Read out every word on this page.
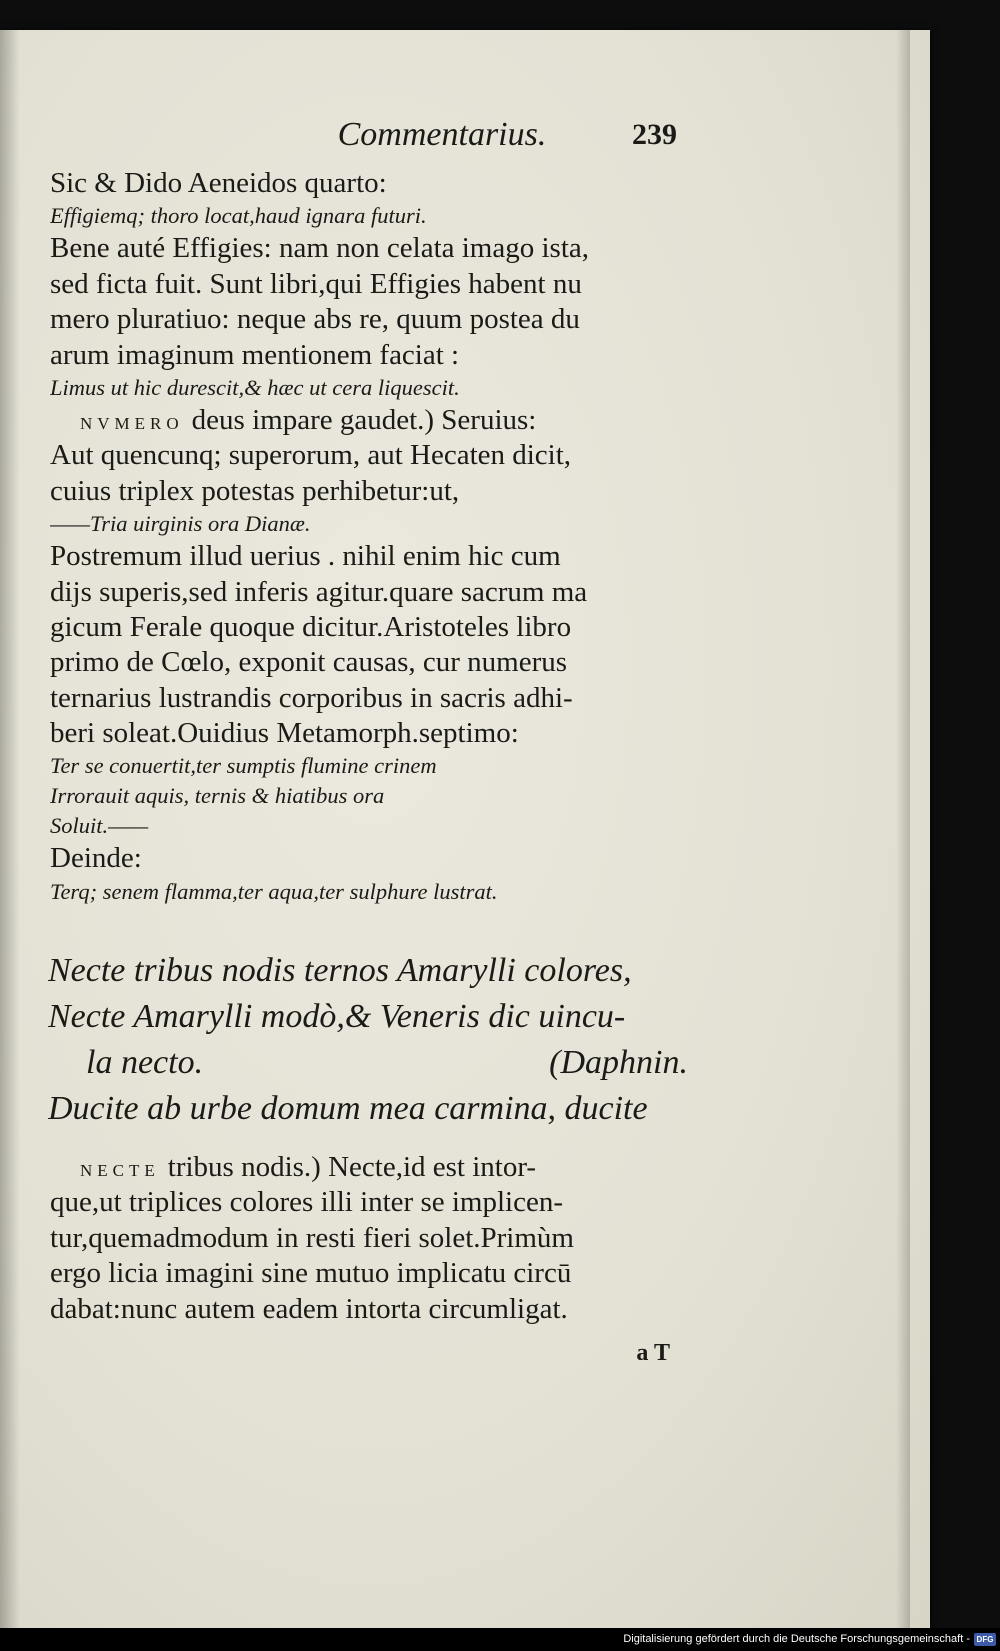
Commentarius.	239
Sic & Dido Aeneidos quarto:
Effigiemq; thoro locat,haud ignara futuri.
Bene auté Effigies: nam non celata imago ista,
sed ficta fuit. Sunt libri,qui Effigies habent nu
mero pluratiuo: neque abs re, quum postea du
arum imaginum mentionem faciat :
Limus ut hic durescit,& hæc ut cera liquescit.
NVMERO deus impare gaudet.) Seruius:
Aut quencunq; superorum, aut Hecaten dicit,
cuius triplex potestas perhibetur:ut,
——Tria uirginis ora Dianæ.
Postremum illud uerius . nihil enim hic cum
dijs superis,sed inferis agitur.quare sacrum ma
gicum Ferale quoque dicitur.Aristoteles libro
primo de Cœlo, exponit causas, cur numerus
ternarius lustrandis corporibus in sacris adhi-
beri soleat.Ouidius Metamorph.septimo:
Ter se conuertit,ter sumptis flumine crinem
Irrorauit aquis, ternis & hiatibus ora
Soluit.——
Deinde:
Terq; senem flamma,ter aqua,ter sulphure lustrat.
Necte tribus nodis ternos Amarylli colores,
Necte Amarylli modò,& Veneris dic uincu-
la necto.	(Daphnin.
Ducite ab urbe domum mea carmina, ducite
NECTE tribus nodis.) Necte,id est intor-
que,ut triplices colores illi inter se implicen-
tur,quemadmodum in resti fieri solet.Primùm
ergo licia imagini sine mutuo implicatu circū
dabat:nunc autem eadem intorta circumligat.
a T
Digitalisierung gefördert durch die Deutsche Forschungsgemeinschaft - DFG
